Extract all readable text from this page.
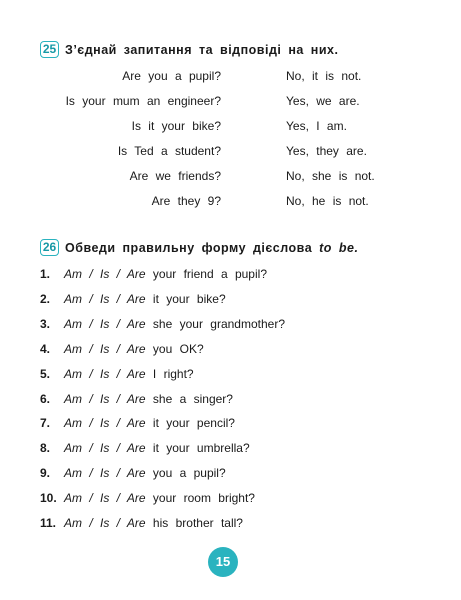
25 З’єднай запитання та відповіді на них.
Are you a pupil?	No, it is not.
Is your mum an engineer?	Yes, we are.
Is it your bike?	Yes, I am.
Is Ted a student?	Yes, they are.
Are we friends?	No, she is not.
Are they 9?	No, he is not.
26 Обведи правильну форму дієслова to be.
1. Am / Is / Are your friend a pupil?
2. Am / Is / Are it your bike?
3. Am / Is / Are she your grandmother?
4. Am / Is / Are you OK?
5. Am / Is / Are I right?
6. Am / Is / Are she a singer?
7. Am / Is / Are it your pencil?
8. Am / Is / Are it your umbrella?
9. Am / Is / Are you a pupil?
10. Am / Is / Are your room bright?
11. Am / Is / Are his brother tall?
15
